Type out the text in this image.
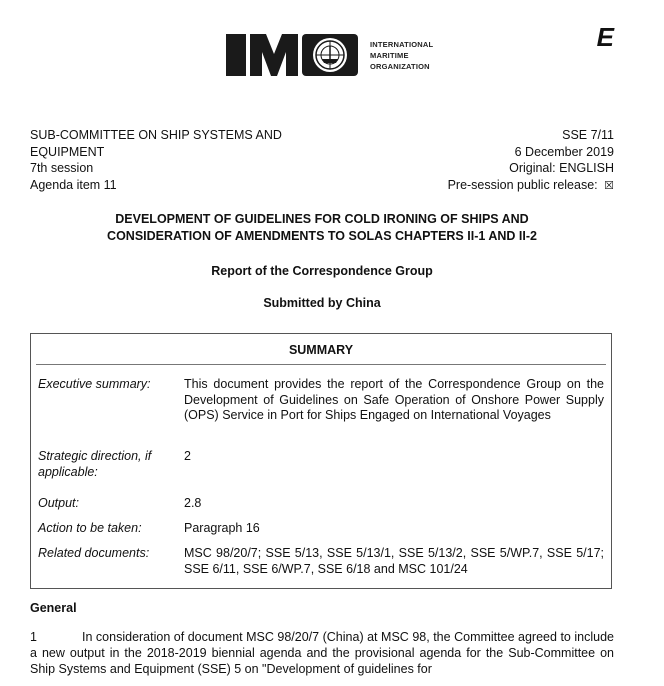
INTERNATIONAL
MARITIME
ORGANIZATION
E
SUB-COMMITTEE ON SHIP SYSTEMS AND
EQUIPMENT
7th session
Agenda item 11
SSE 7/11
6 December 2019
Original: ENGLISH
Pre-session public release: ☒
DEVELOPMENT OF GUIDELINES FOR COLD IRONING OF SHIPS AND
CONSIDERATION OF AMENDMENTS TO SOLAS CHAPTERS II-1 AND II-2
Report of the Correspondence Group
Submitted by China
SUMMARY
Executive summary:	This document provides the report of the Correspondence Group on the Development of Guidelines on Safe Operation of Onshore Power Supply (OPS) Service in Port for Ships Engaged on International Voyages
Strategic direction, if applicable:
2
Output:	2.8
Action to be taken:	Paragraph 16
Related documents:	MSC 98/20/7; SSE 5/13, SSE 5/13/1, SSE 5/13/2, SSE 5/WP.7, SSE 5/17; SSE 6/11, SSE 6/WP.7, SSE 6/18 and MSC 101/24
General
1	In consideration of document MSC 98/20/7 (China) at MSC 98, the Committee agreed to include a new output in the 2018-2019 biennial agenda and the provisional agenda for the Sub-Committee on Ship Systems and Equipment (SSE) 5 on "Development of guidelines for
